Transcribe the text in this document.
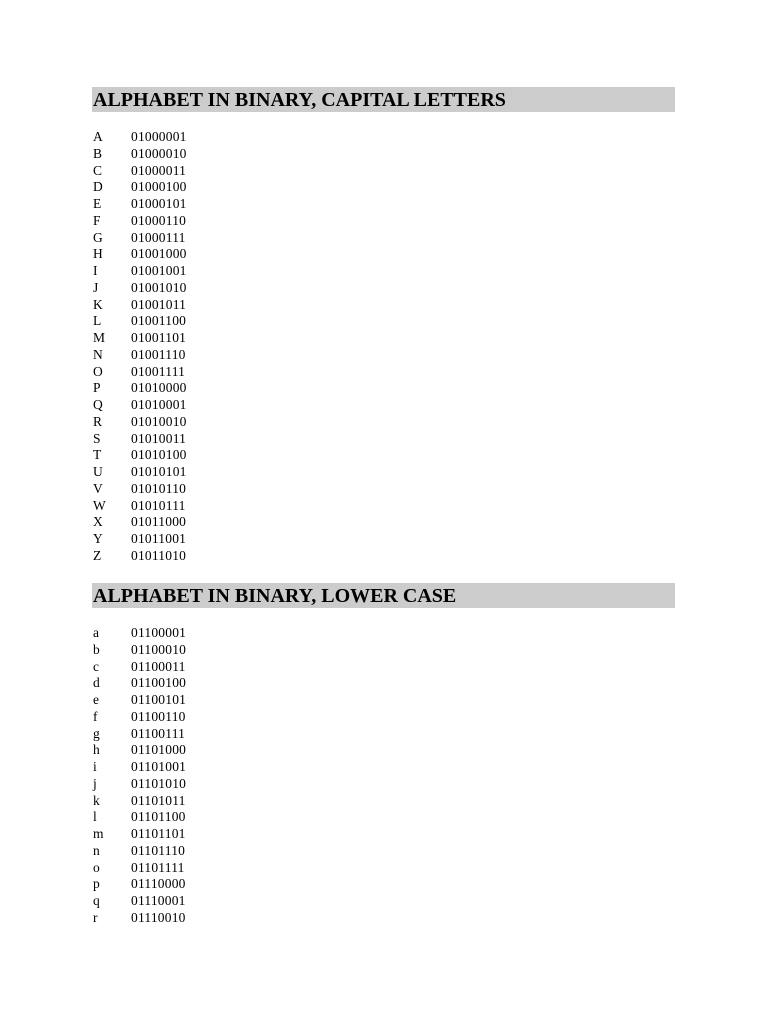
ALPHABET IN BINARY, CAPITAL LETTERS
A 01000001
B 01000010
C 01000011
D 01000100
E 01000101
F 01000110
G 01000111
H 01001000
I 01001001
J 01001010
K 01001011
L 01001100
M 01001101
N 01001110
O 01001111
P 01010000
Q 01010001
R 01010010
S 01010011
T 01010100
U 01010101
V 01010110
W 01010111
X 01011000
Y 01011001
Z 01011010
ALPHABET IN BINARY, LOWER CASE
a 01100001
b 01100010
c 01100011
d 01100100
e 01100101
f 01100110
g 01100111
h 01101000
i	01101001
j	01101010
k 01101011
l	01101100
m 01101101
n 01101110
o 01101111
p 01110000
q 01110001
r 01110010
